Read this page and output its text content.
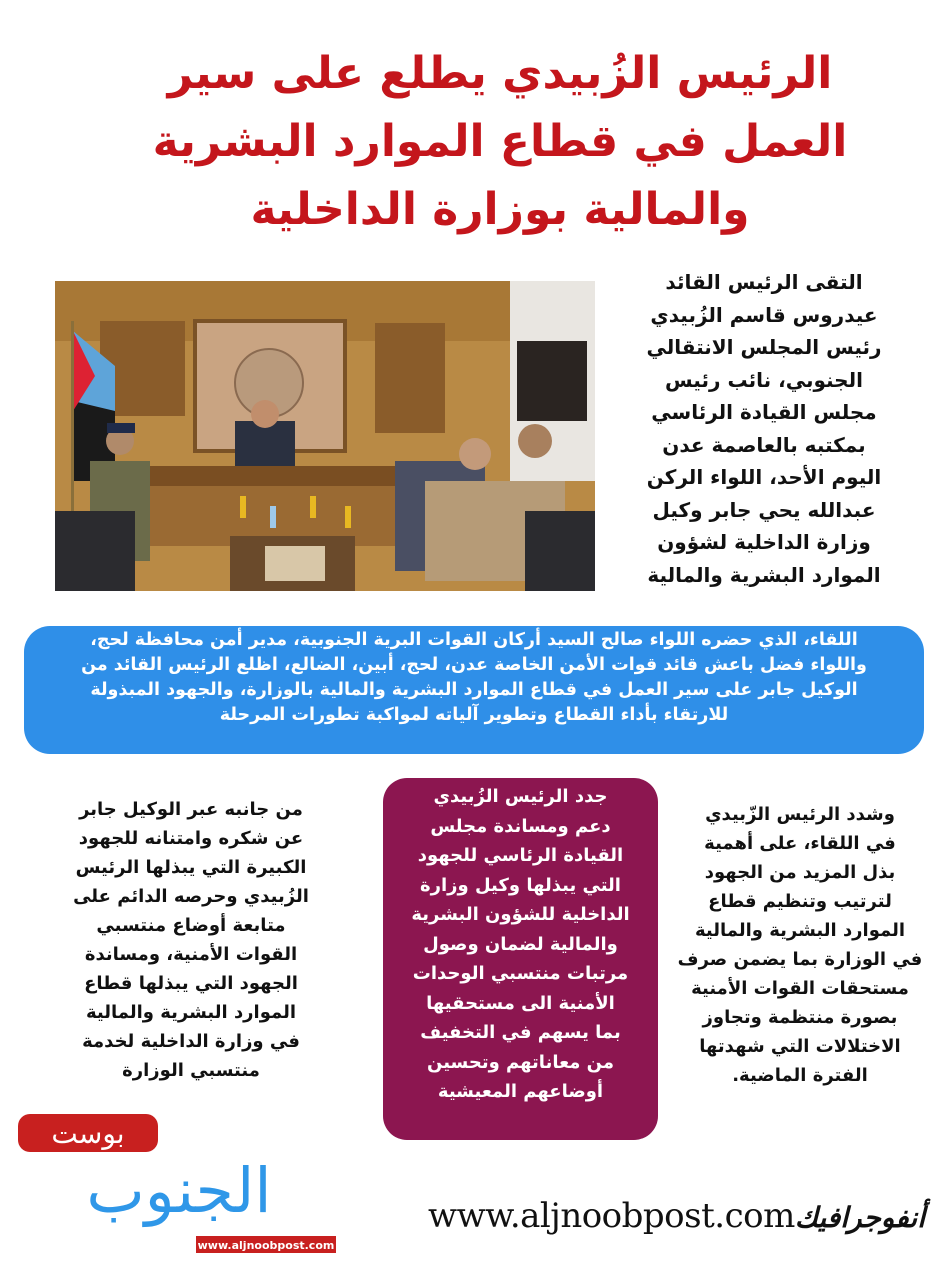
الرئيس الزُبيدي يطلع على سير
العمل في قطاع الموارد البشرية
والمالية بوزارة الداخلية
التقى الرئيس القائد
عيدروس قاسم الزُبيدي
رئيس المجلس الانتقالي
الجنوبي، نائب رئيس
مجلس القيادة الرئاسي
بمكتبه بالعاصمة عدن
اليوم الأحد، اللواء الركن
عبدالله يحي جابر وكيل
وزارة الداخلية لشؤون
الموارد البشرية والمالية
اللقاء، الذي حضره اللواء صالح السيد أركان القوات البرية الجنوبية، مدير أمن محافظة لحج،
واللواء فضل باعش قائد قوات الأمن الخاصة عدن، لحج، أبين، الضالع، اظلع الرئيس القائد من
الوكيل جابر على سير العمل في قطاع الموارد البشرية والمالية بالوزارة، والجهود المبذولة
للارتقاء بأداء القطاع وتطوير آلياته لمواكبة تطورات المرحلة
وشدد الرئيس الزّبيدي
في اللقاء، على أهمية
بذل المزيد من الجهود
لترتيب وتنظيم قطاع
الموارد البشرية والمالية
في الوزارة بما يضمن صرف
مستحقات القوات الأمنية
بصورة منتظمة وتجاوز
الاختلالات التي شهدتها
الفترة الماضية.
جدد الرئيس الزُبيدي
دعم ومساندة مجلس
القيادة الرئاسي للجهود
التي يبذلها وكيل وزارة
الداخلية للشؤون البشرية
والمالية لضمان وصول
مرتبات منتسبي الوحدات
الأمنية الى مستحقيها
بما يسهم في التخفيف
من معاناتهم وتحسين
أوضاعهم المعيشية
من جانبه عبر الوكيل جابر
عن شكره وامتنانه للجهود
الكبيرة التي يبذلها الرئيس
الزُبيدي وحرصه الدائم على
متابعة أوضاع منتسبي
القوات الأمنية، ومساندة
الجهود التي يبذلها قطاع
الموارد البشرية والمالية
في وزارة الداخلية لخدمة
منتسبي الوزارة
بوست
الجنوب
www.aljnoobpost.com
www.aljnoobpost.comأنفوجرافيك
